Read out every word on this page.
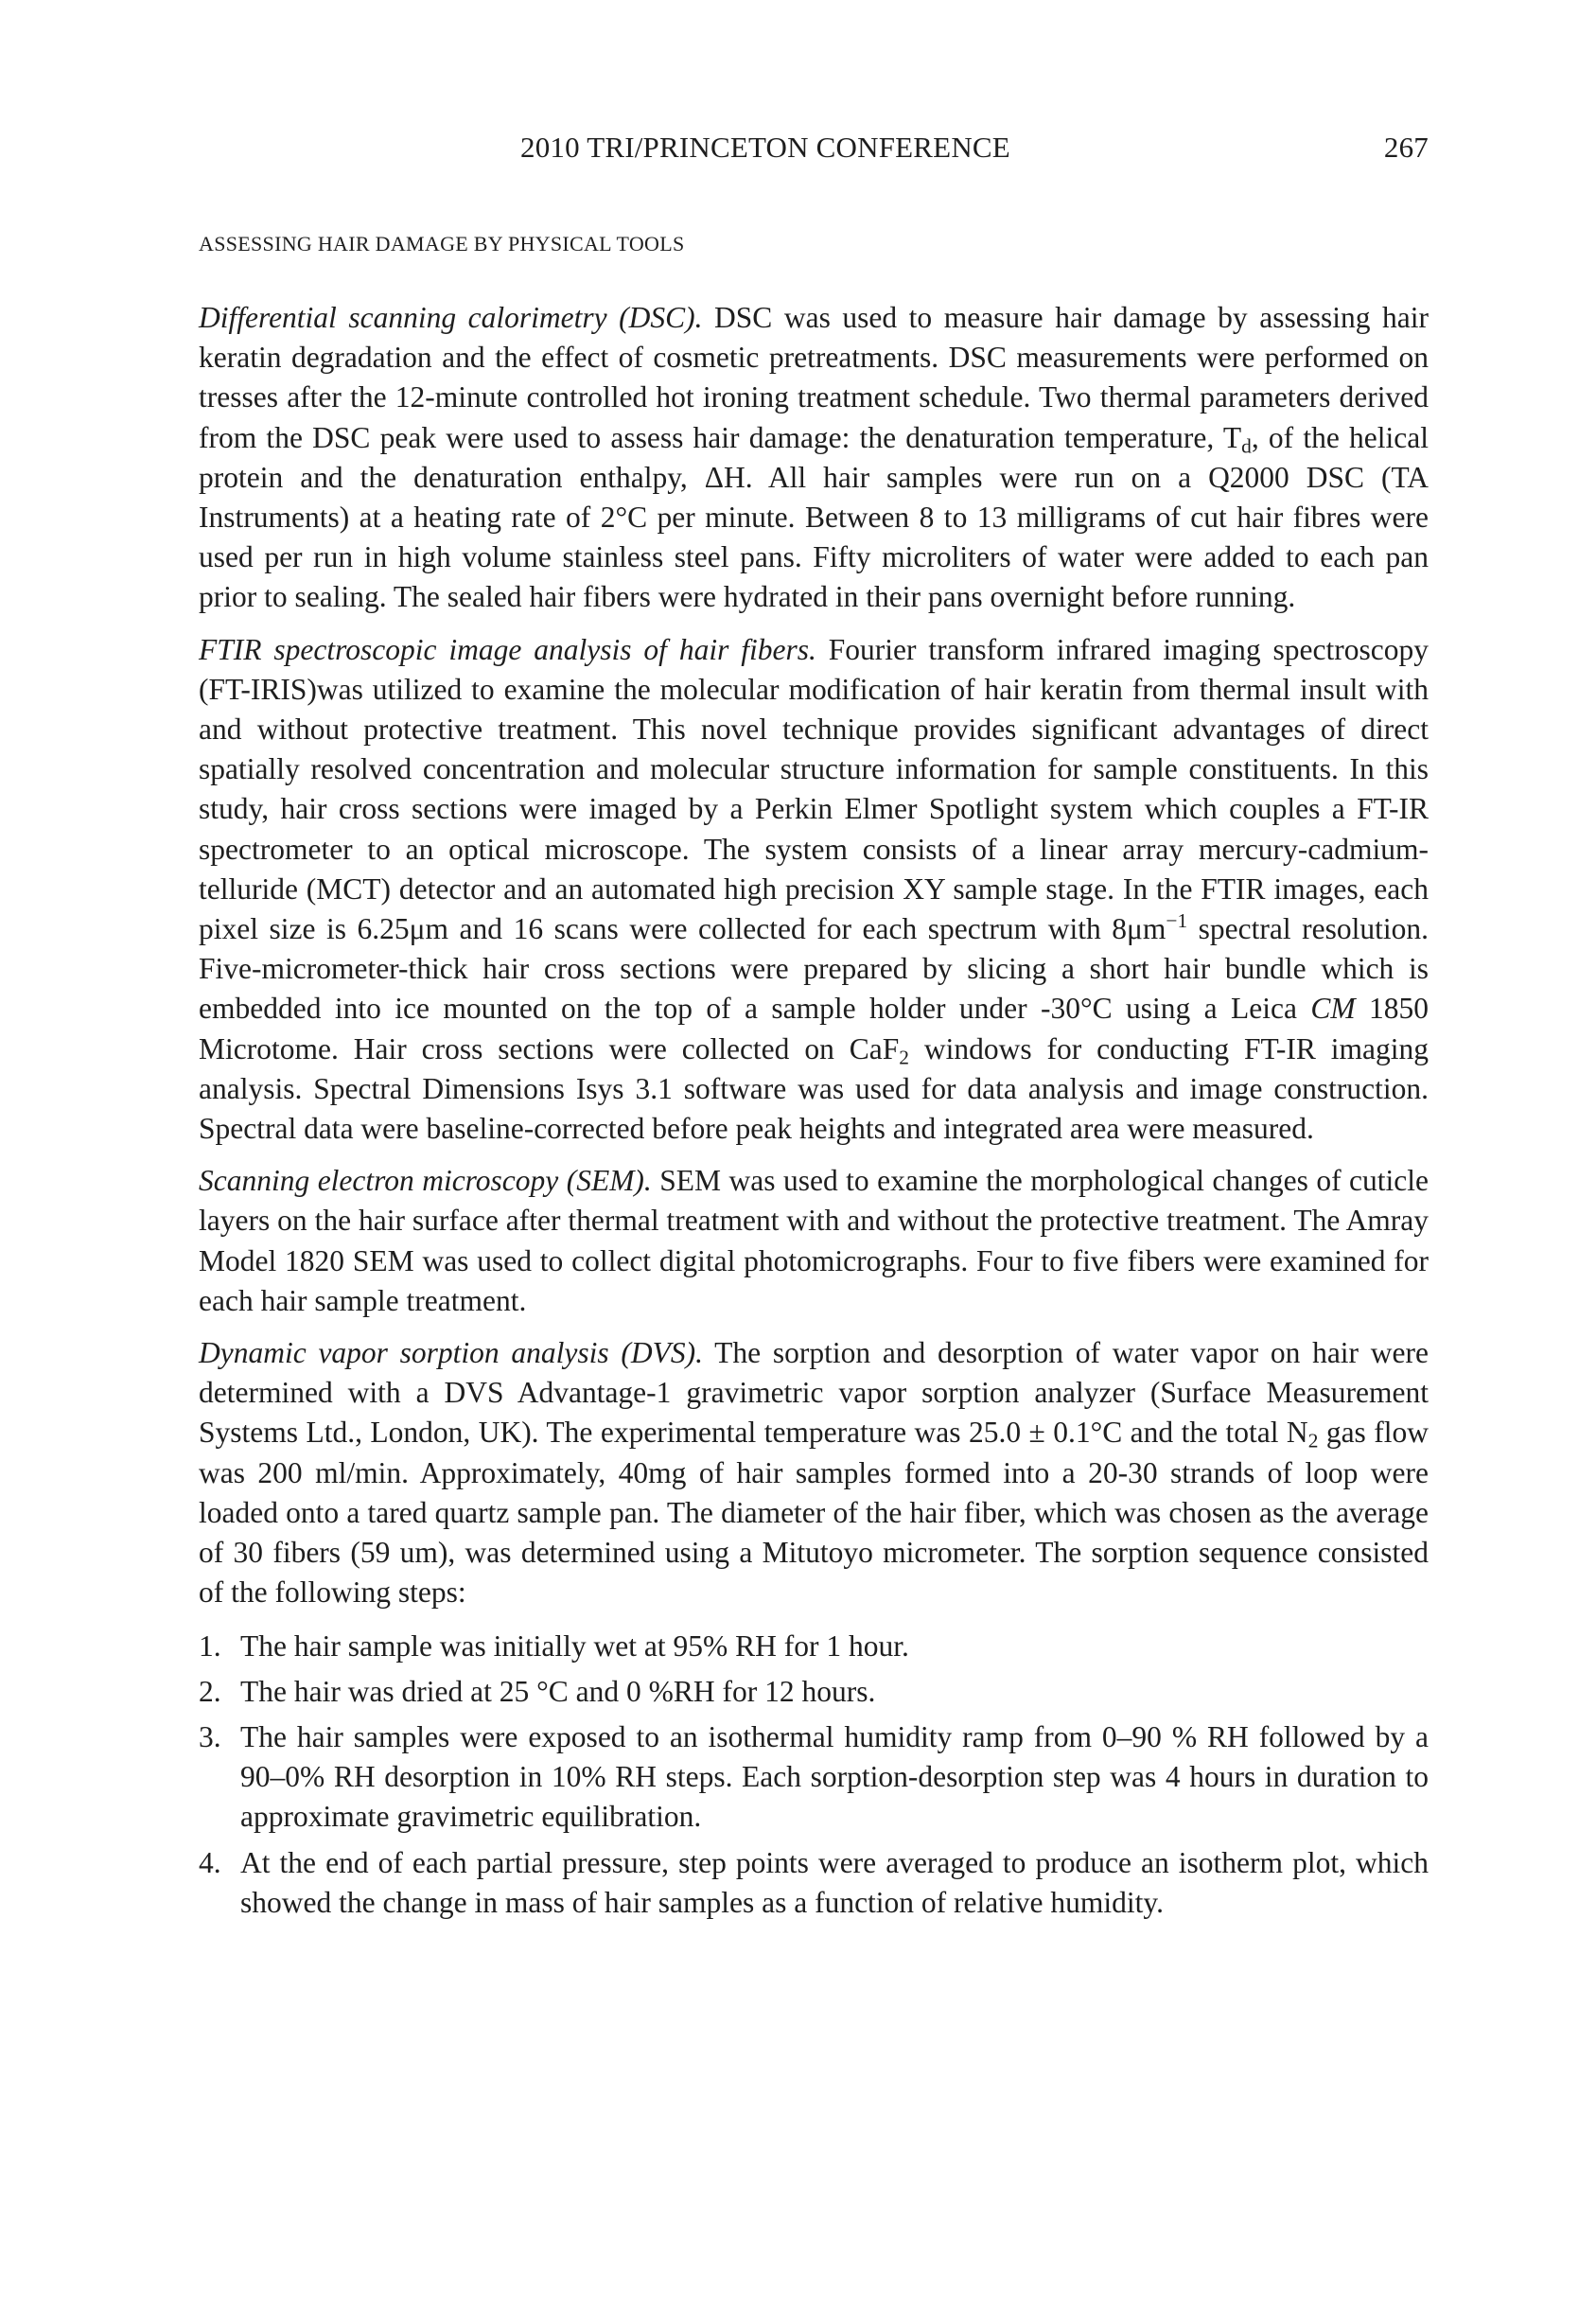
2010 TRI/PRINCETON CONFERENCE	267
ASSESSING HAIR DAMAGE BY PHYSICAL TOOLS

Differential scanning calorimetry (DSC). DSC was used to measure hair damage by assessing hair keratin degradation and the effect of cosmetic pretreatments. DSC measurements were performed on tresses after the 12-minute controlled hot ironing treatment schedule. Two thermal parameters derived from the DSC peak were used to assess hair damage: the denaturation temperature, $T_d$, of the helical protein and the denaturation enthalpy, ΔH. All hair samples were run on a Q2000 DSC (TA Instruments) at a heating rate of 2°C per minute. Between 8 to 13 milligrams of cut hair fibres were used per run in high volume stainless steel pans. Fifty microliters of water were added to each pan prior to sealing. The sealed hair fibers were hydrated in their pans overnight before running.

FTIR spectroscopic image analysis of hair fibers. Fourier transform infrared imaging spectroscopy (FT-IRIS)was utilized to examine the molecular modification of hair keratin from thermal insult with and without protective treatment. This novel technique provides significant advantages of direct spatially resolved concentration and molecular structure information for sample constituents. In this study, hair cross sections were imaged by a Perkin Elmer Spotlight system which couples a FT-IR spectrometer to an optical microscope. The system consists of a linear array mercury-cadmium-telluride (MCT) detector and an automated high precision XY sample stage. In the FTIR images, each pixel size is 6.25μm and 16 scans were collected for each spectrum with $8\mu m^{-1}$ spectral resolution. Five-micrometer-thick hair cross sections were prepared by slicing a short hair bundle which is embedded into ice mounted on the top of a sample holder under -30°C using a Leica CM 1850 Microtome. Hair cross sections were collected on CaF$_2$ windows for conducting FT-IR imaging analysis. Spectral Dimensions Isys 3.1 software was used for data analysis and image construction. Spectral data were baseline-corrected before peak heights and integrated area were measured.

Scanning electron microscopy (SEM). SEM was used to examine the morphological changes of cuticle layers on the hair surface after thermal treatment with and without the protective treatment. The Amray Model 1820 SEM was used to collect digital photomicrographs. Four to five fibers were examined for each hair sample treatment.

Dynamic vapor sorption analysis (DVS). The sorption and desorption of water vapor on hair were determined with a DVS Advantage-1 gravimetric vapor sorption analyzer (Surface Measurement Systems Ltd., London, UK). The experimental temperature was 25.0 ± 0.1°C and the total $N_2$ gas flow was 200 ml/min. Approximately, 40mg of hair samples formed into a 20-30 strands of loop were loaded onto a tared quartz sample pan. The diameter of the hair fiber, which was chosen as the average of 30 fibers (59 um), was determined using a Mitutoyo micrometer. The sorption sequence consisted of the following steps:

1. The hair sample was initially wet at 95% RH for 1 hour.
2. The hair was dried at 25 °C and 0 %RH for 12 hours.
3. The hair samples were exposed to an isothermal humidity ramp from 0–90 % RH followed by a 90–0% RH desorption in 10% RH steps. Each sorption-desorption step was 4 hours in duration to approximate gravimetric equilibration.
4. At the end of each partial pressure, step points were averaged to produce an isotherm plot, which showed the change in mass of hair samples as a function of relative humidity.
